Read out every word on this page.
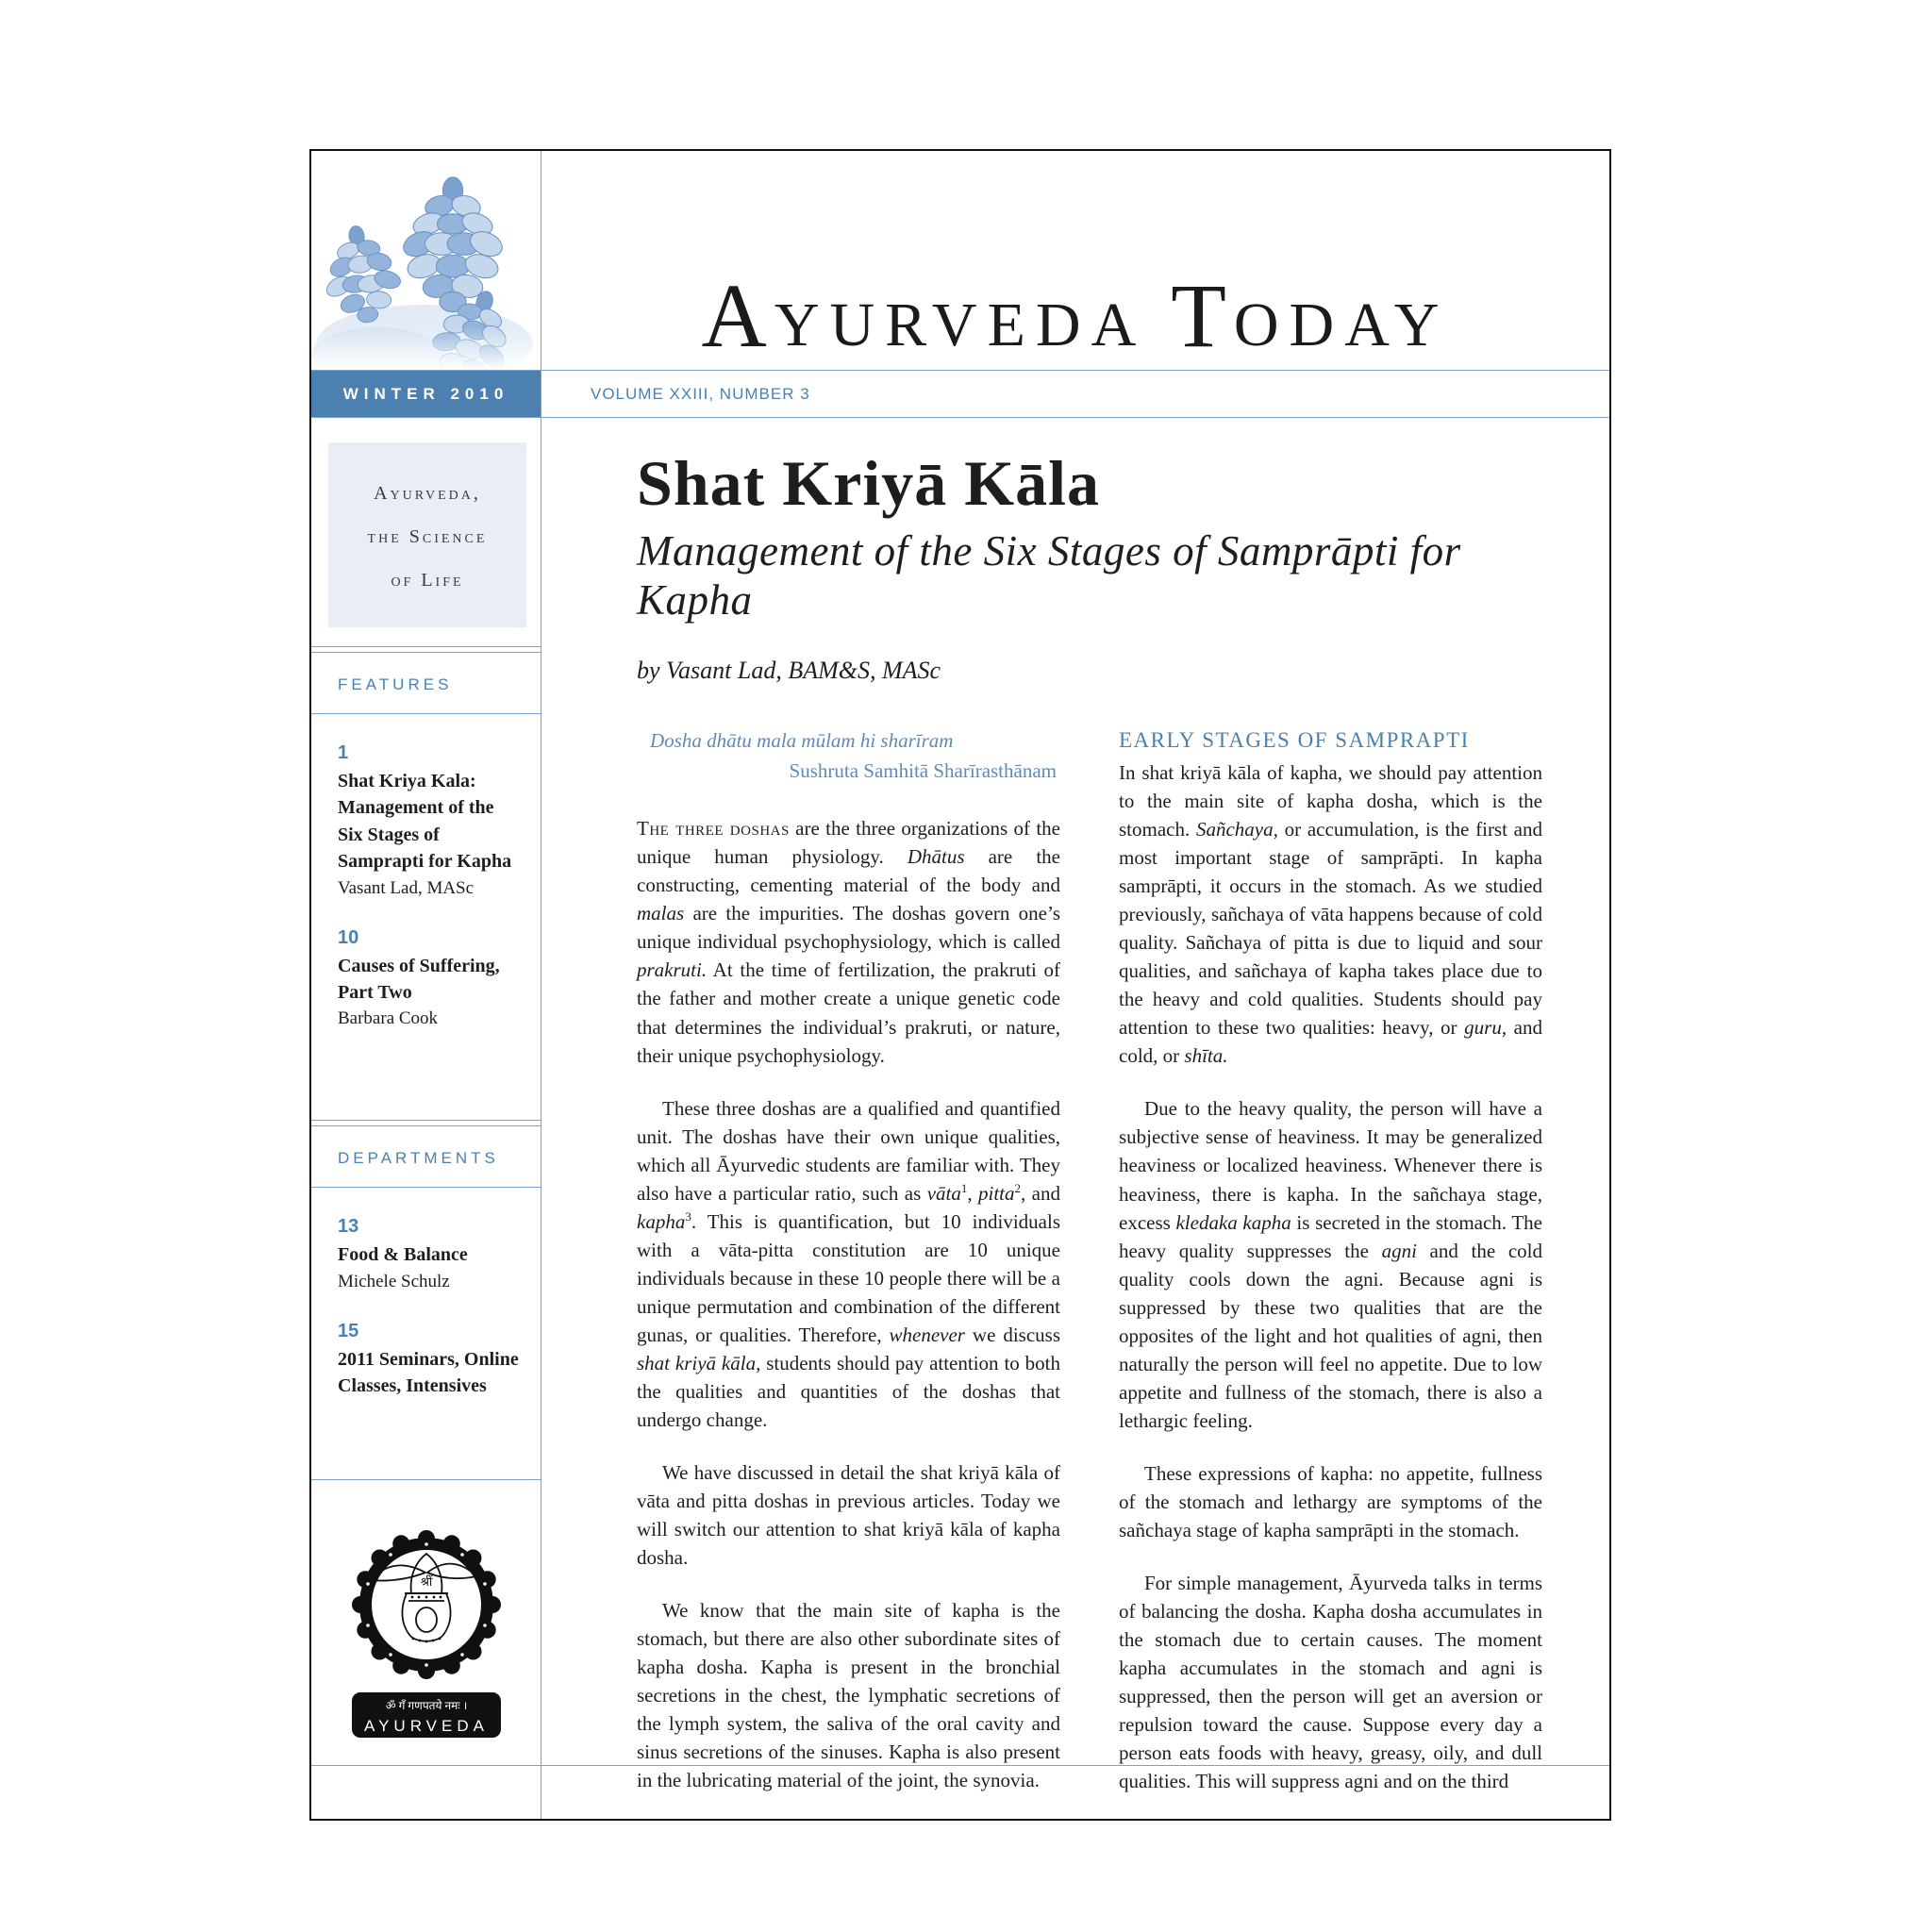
A YURVEDA T ODAY
WINTER 2010	VOLUME XXIII, NUMBER 3
Ayurveda,
the Science
of Life
FEATURES
1
Shat Kriya Kala: Management of the Six Stages of Samprapti for Kapha
Vasant Lad, MASc
10
Causes of Suffering, Part Two
Barbara Cook
DEPARTMENTS
13
Food & Balance
Michele Schulz
15
2011 Seminars, Online Classes, Intensives
श्रीं
ॐ गँ गणपतये नमः ।
AYURVEDA
Shat Kriyā Kāla
Management of the Six Stages of Samprāpti for Kapha
by Vasant Lad, BAM&S, MASc
Dosha dhātu mala mūlam hi sharīram
Sushruta Samhitā Sharīrasthānam

The three doshas are the three organizations of the unique human physiology. Dhātus are the constructing, cementing material of the body and malas are the impurities. The doshas govern one’s unique individual psychophysiology, which is called prakruti. At the time of fertilization, the prakruti of the father and mother create a unique genetic code that determines the individual’s prakruti, or nature, their unique psychophysiology.

These three doshas are a qualified and quantified unit. The doshas have their own unique qualities, which all Āyurvedic students are familiar with. They also have a particular ratio, such as vāta$^1$, pitta$^2$, and kapha$^3$. This is quantification, but 10 individuals with a vāta-pitta constitution are 10 unique individuals because in these 10 people there will be a unique permutation and combination of the different gunas, or qualities. Therefore, whenever we discuss shat kriyā kāla, students should pay attention to both the qualities and quantities of the doshas that undergo change.

We have discussed in detail the shat kriyā kāla of vāta and pitta doshas in previous articles. Today we will switch our attention to shat kriyā kāla of kapha dosha.

We know that the main site of kapha is the stomach, but there are also other subordinate sites of kapha dosha. Kapha is present in the bronchial secretions in the chest, the lymphatic secretions of the lymph system, the saliva of the oral cavity and sinus secretions of the sinuses. Kapha is also present in the lubricating material of the joint, the synovia.

EARLY STAGES OF SAMPRAPTI

In shat kriyā kāla of kapha, we should pay attention to the main site of kapha dosha, which is the stomach. Sañchaya, or accumulation, is the first and most important stage of samprāpti. In kapha samprāpti, it occurs in the stomach. As we studied previously, sañchaya of vāta happens because of cold quality. Sañchaya of pitta is due to liquid and sour qualities, and sañchaya of kapha takes place due to the heavy and cold qualities. Students should pay attention to these two qualities: heavy, or guru, and cold, or shīta.

Due to the heavy quality, the person will have a subjective sense of heaviness. It may be generalized heaviness or localized heaviness. Whenever there is heaviness, there is kapha. In the sañchaya stage, excess kledaka kapha is secreted in the stomach. The heavy quality suppresses the agni and the cold quality cools down the agni. Because agni is suppressed by these two qualities that are the opposites of the light and hot qualities of agni, then naturally the person will feel no appetite. Due to low appetite and fullness of the stomach, there is also a lethargic feeling.

These expressions of kapha: no appetite, fullness of the stomach and lethargy are symptoms of the sañchaya stage of kapha samprāpti in the stomach.

For simple management, Āyurveda talks in terms of balancing the dosha. Kapha dosha accumulates in the stomach due to certain causes. The moment kapha accumulates in the stomach and agni is suppressed, then the person will get an aversion or repulsion toward the cause. Suppose every day a person eats foods with heavy, greasy, oily, and dull qualities. This will suppress agni and on the third
